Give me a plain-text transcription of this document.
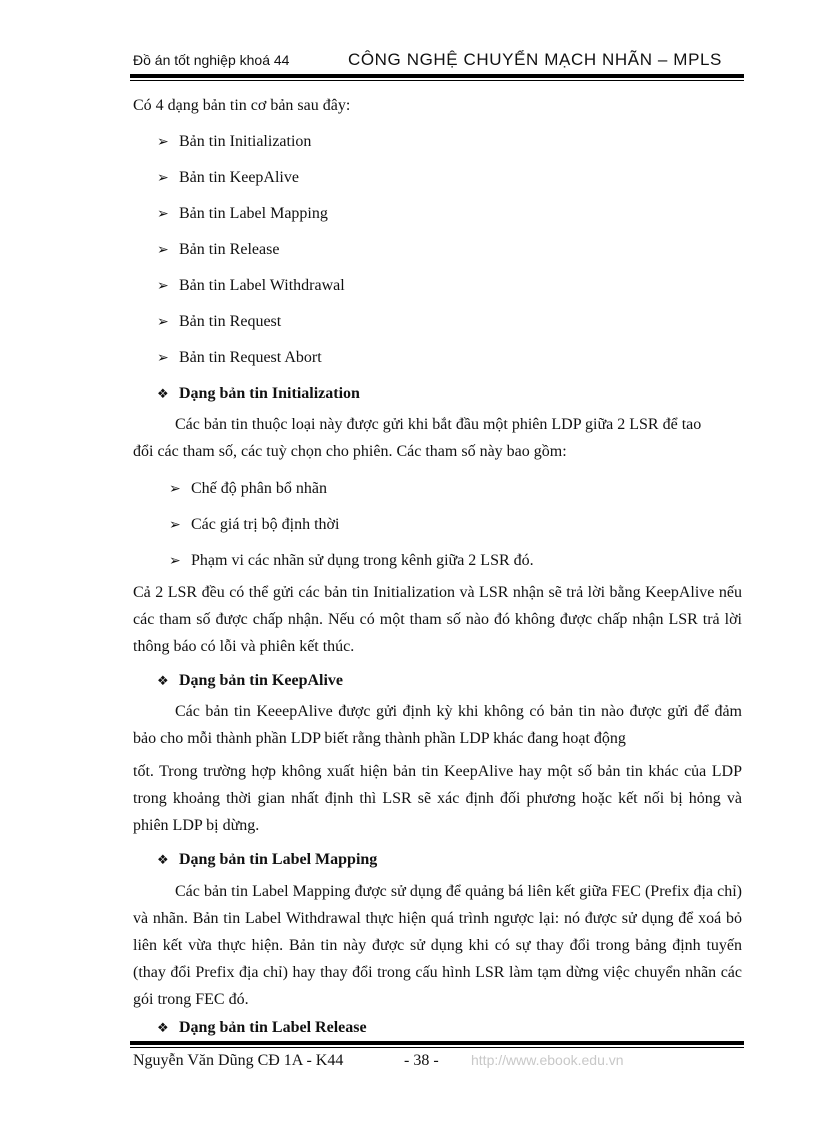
Đồ án tốt nghiệp khoá 44	CÔNG NGHỆ CHUYỂN MẠCH NHÃN – MPLS
Có 4 dạng bản tin cơ bản sau đây:
➢ Bản tin Initialization
➢ Bản tin KeepAlive
➢ Bản tin Label Mapping
➢ Bản tin Release
➢ Bản tin Label Withdrawal
➢ Bản tin Request
➢ Bản tin Request Abort
❖ Dạng bản tin Initialization
Các bản tin thuộc loại này được gửi khi bắt đầu một phiên LDP giữa 2 LSR để tao
đổi các tham số, các tuỳ chọn cho phiên. Các tham số này bao gồm:
➢ Chế độ phân bổ nhãn
➢ Các giá trị bộ định thời
➢ Phạm vi các nhãn sử dụng trong kênh giữa 2 LSR đó.
Cả 2 LSR đều có thể gửi các bản tin Initialization và LSR nhận sẽ trả lời bằng KeepAlive nếu các tham số được chấp nhận. Nếu có một tham số nào đó không được chấp nhận LSR trả lời thông báo có lỗi và phiên kết thúc.
❖ Dạng bản tin KeepAlive
Các bản tin KeeepAlive được gửi định kỳ khi không có bản tin nào được gửi để đảm bảo cho mỗi thành phần LDP biết rằng thành phần LDP khác đang hoạt động
tốt. Trong trường hợp không xuất hiện bản tin KeepAlive hay một số bản tin khác của LDP trong khoảng thời gian nhất định thì LSR sẽ xác định đối phương hoặc kết nối bị hỏng và phiên LDP bị dừng.
❖ Dạng bản tin Label Mapping
Các bản tin Label Mapping được sử dụng để quảng bá liên kết giữa FEC (Prefix địa chỉ) và nhãn. Bản tin Label Withdrawal thực hiện quá trình ngược lại: nó được sử dụng để xoá bỏ liên kết vừa thực hiện. Bản tin này được sử dụng khi có sự thay đổi trong bảng định tuyến (thay đổi Prefix địa chỉ) hay thay đổi trong cấu hình LSR làm tạm dừng việc chuyển nhãn các gói trong FEC đó.
❖ Dạng bản tin Label Release
Nguyễn Văn Dũng CĐ 1A - K44	- 38 - http://www.ebook.edu.vn
